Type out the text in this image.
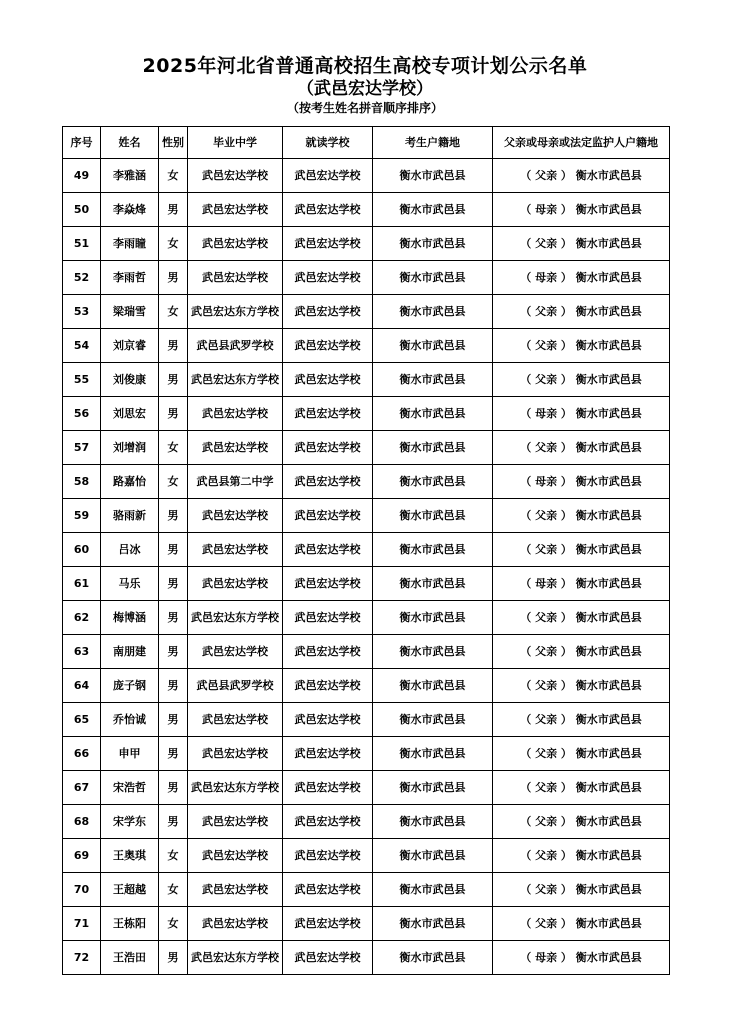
2025年河北省普通高校招生高校专项计划公示名单
（武邑宏达学校）
（按考生姓名拼音顺序排序）
序号	姓名	性别	毕业中学	就读学校	考生户籍地	父亲或母亲或法定监护人户籍地
49	李雅涵	女	武邑宏达学校	武邑宏达学校	衡水市武邑县	（ 父亲 ） 衡水市武邑县
50	李焱烽	男	武邑宏达学校	武邑宏达学校	衡水市武邑县	（ 母亲 ） 衡水市武邑县
51	李雨瞳	女	武邑宏达学校	武邑宏达学校	衡水市武邑县	（ 父亲 ） 衡水市武邑县
52	李雨哲	男	武邑宏达学校	武邑宏达学校	衡水市武邑县	（ 母亲 ） 衡水市武邑县
53	梁瑞雪	女	武邑宏达东方学校	武邑宏达学校	衡水市武邑县	（ 父亲 ） 衡水市武邑县
54	刘京睿	男	武邑县武罗学校	武邑宏达学校	衡水市武邑县	（ 父亲 ） 衡水市武邑县
55	刘俊康	男	武邑宏达东方学校	武邑宏达学校	衡水市武邑县	（ 父亲 ） 衡水市武邑县
56	刘思宏	男	武邑宏达学校	武邑宏达学校	衡水市武邑县	（ 母亲 ） 衡水市武邑县
57	刘增润	女	武邑宏达学校	武邑宏达学校	衡水市武邑县	（ 父亲 ） 衡水市武邑县
58	路嘉怡	女	武邑县第二中学	武邑宏达学校	衡水市武邑县	（ 母亲 ） 衡水市武邑县
59	骆雨新	男	武邑宏达学校	武邑宏达学校	衡水市武邑县	（ 父亲 ） 衡水市武邑县
60	吕冰	男	武邑宏达学校	武邑宏达学校	衡水市武邑县	（ 父亲 ） 衡水市武邑县
61	马乐	男	武邑宏达学校	武邑宏达学校	衡水市武邑县	（ 母亲 ） 衡水市武邑县
62	梅博涵	男	武邑宏达东方学校	武邑宏达学校	衡水市武邑县	（ 父亲 ） 衡水市武邑县
63	南朋建	男	武邑宏达学校	武邑宏达学校	衡水市武邑县	（ 父亲 ） 衡水市武邑县
64	庞子钢	男	武邑县武罗学校	武邑宏达学校	衡水市武邑县	（ 父亲 ） 衡水市武邑县
65	乔怡诚	男	武邑宏达学校	武邑宏达学校	衡水市武邑县	（ 父亲 ） 衡水市武邑县
66	申甲	男	武邑宏达学校	武邑宏达学校	衡水市武邑县	（ 父亲 ） 衡水市武邑县
67	宋浩哲	男	武邑宏达东方学校	武邑宏达学校	衡水市武邑县	（ 父亲 ） 衡水市武邑县
68	宋学东	男	武邑宏达学校	武邑宏达学校	衡水市武邑县	（ 父亲 ） 衡水市武邑县
69	王奥琪	女	武邑宏达学校	武邑宏达学校	衡水市武邑县	（ 父亲 ） 衡水市武邑县
70	王超越	女	武邑宏达学校	武邑宏达学校	衡水市武邑县	（ 父亲 ） 衡水市武邑县
71	王栋阳	女	武邑宏达学校	武邑宏达学校	衡水市武邑县	（ 父亲 ） 衡水市武邑县
72	王浩田	男	武邑宏达东方学校	武邑宏达学校	衡水市武邑县	（ 母亲 ） 衡水市武邑县
